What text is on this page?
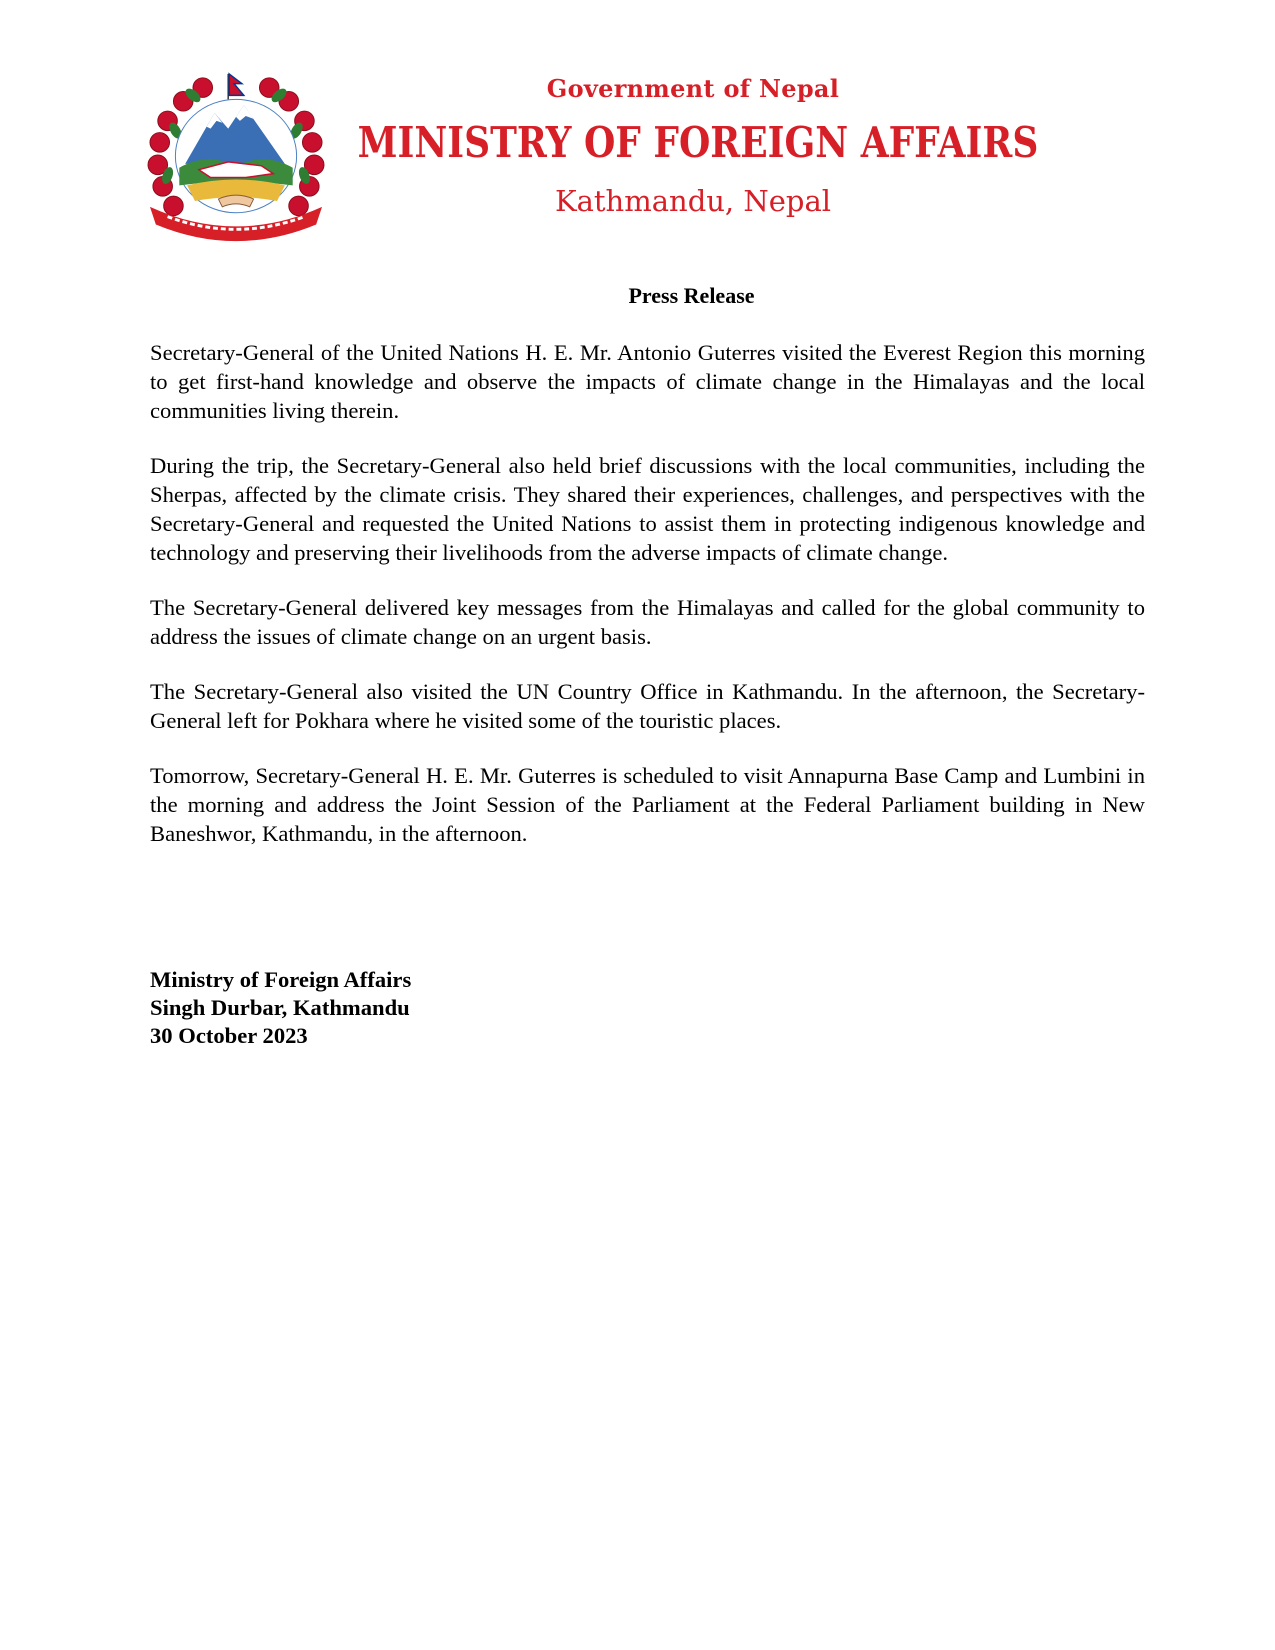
Government of Nepal
MINISTRY OF FOREIGN AFFAIRS
Kathmandu, Nepal
Press Release

Secretary-General of the United Nations H. E. Mr. Antonio Guterres visited the Everest Region this morning to get first-hand knowledge and observe the impacts of climate change in the Himalayas and the local communities living therein.

During the trip, the Secretary-General also held brief discussions with the local communities, including the Sherpas, affected by the climate crisis. They shared their experiences, challenges, and perspectives with the Secretary-General and requested the United Nations to assist them in protecting indigenous knowledge and technology and preserving their livelihoods from the adverse impacts of climate change.

The Secretary-General delivered key messages from the Himalayas and called for the global community to address the issues of climate change on an urgent basis.

The Secretary-General also visited the UN Country Office in Kathmandu. In the afternoon, the Secretary-General left for Pokhara where he visited some of the touristic places.

Tomorrow, Secretary-General H. E. Mr. Guterres is scheduled to visit Annapurna Base Camp and Lumbini in the morning and address the Joint Session of the Parliament at the Federal Parliament building in New Baneshwor, Kathmandu, in the afternoon.

Ministry of Foreign Affairs
Singh Durbar, Kathmandu
30 October 2023
